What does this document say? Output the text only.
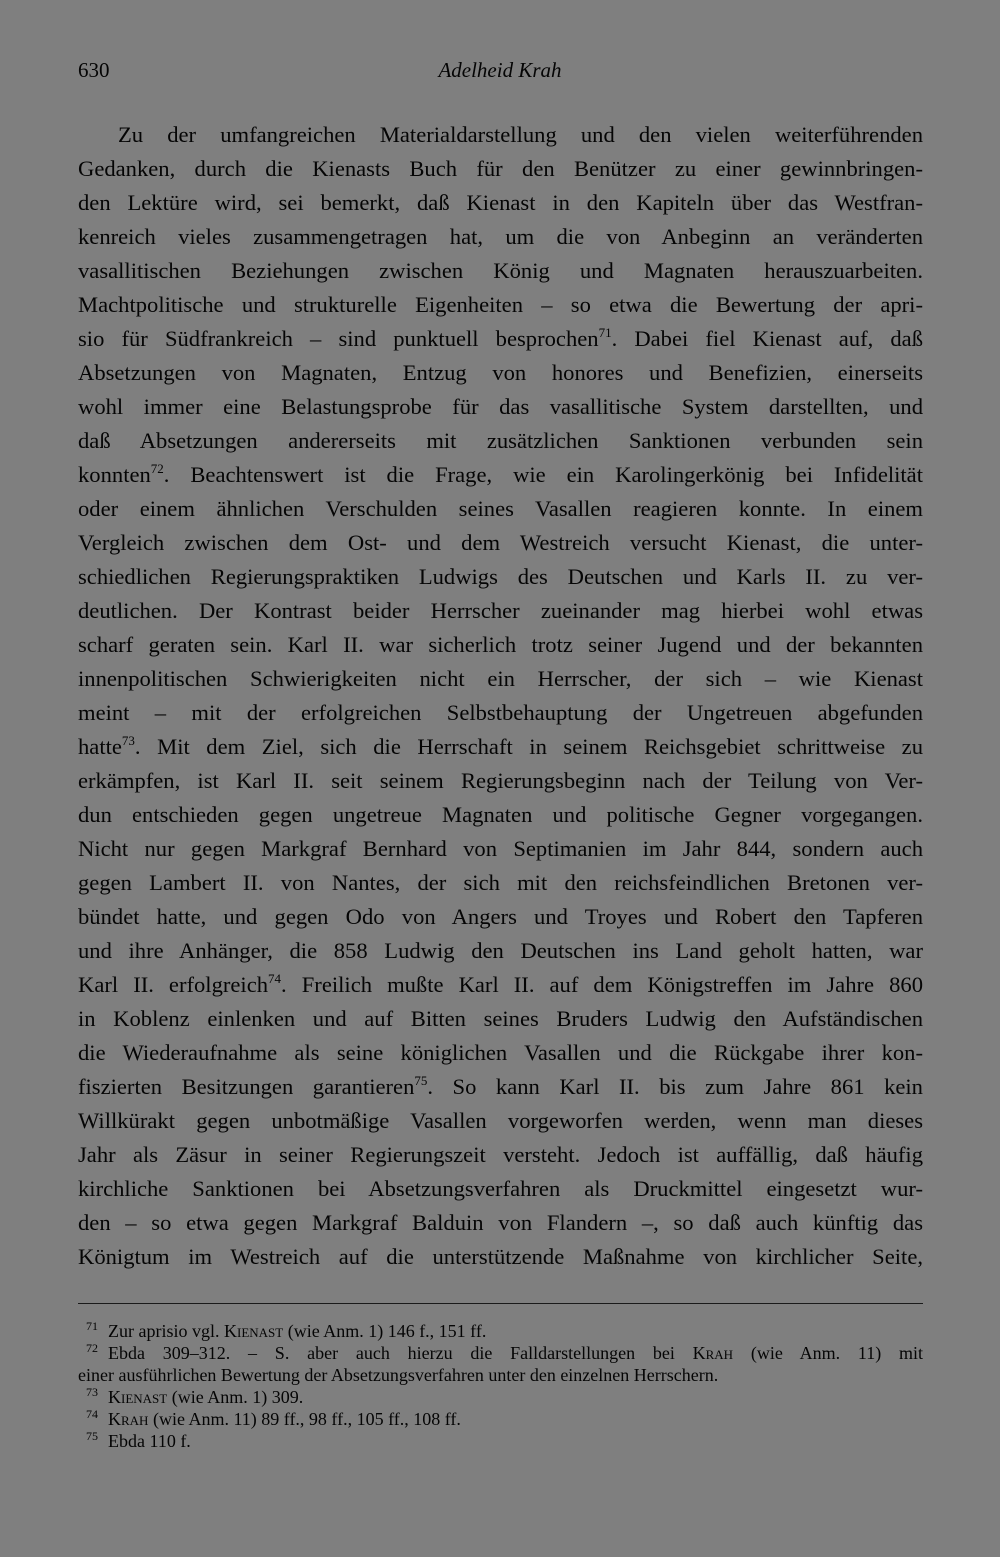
630	Adelheid Krah
Zu der umfangreichen Materialdarstellung und den vielen weiterführenden
Gedanken, durch die Kienasts Buch für den Benützer zu einer gewinnbringen-
den Lektüre wird, sei bemerkt, daß Kienast in den Kapiteln über das Westfran-
kenreich vieles zusammengetragen hat, um die von Anbeginn an veränderten
vasallitischen Beziehungen zwischen König und Magnaten herauszuarbeiten.
Machtpolitische und strukturelle Eigenheiten – so etwa die Bewertung der apri-
sio für Südfrankreich – sind punktuell besprochen$^{71}$. Dabei fiel Kienast auf, daß
Absetzungen von Magnaten, Entzug von honores und Benefizien, einerseits
wohl immer eine Belastungsprobe für das vasallitische System darstellten, und
daß Absetzungen andererseits mit zusätzlichen Sanktionen verbunden sein
konnten$^{72}$. Beachtenswert ist die Frage, wie ein Karolingerkönig bei Infidelität
oder einem ähnlichen Verschulden seines Vasallen reagieren konnte. In einem
Vergleich zwischen dem Ost- und dem Westreich versucht Kienast, die unter-
schiedlichen Regierungspraktiken Ludwigs des Deutschen und Karls II. zu ver-
deutlichen. Der Kontrast beider Herrscher zueinander mag hierbei wohl etwas
scharf geraten sein. Karl II. war sicherlich trotz seiner Jugend und der bekannten
innenpolitischen Schwierigkeiten nicht ein Herrscher, der sich – wie Kienast
meint – mit der erfolgreichen Selbstbehauptung der Ungetreuen abgefunden
hatte$^{73}$. Mit dem Ziel, sich die Herrschaft in seinem Reichsgebiet schrittweise zu
erkämpfen, ist Karl II. seit seinem Regierungsbeginn nach der Teilung von Ver-
dun entschieden gegen ungetreue Magnaten und politische Gegner vorgegangen.
Nicht nur gegen Markgraf Bernhard von Septimanien im Jahr 844, sondern auch
gegen Lambert II. von Nantes, der sich mit den reichsfeindlichen Bretonen ver-
bündet hatte, und gegen Odo von Angers und Troyes und Robert den Tapferen
und ihre Anhänger, die 858 Ludwig den Deutschen ins Land geholt hatten, war
Karl II. erfolgreich$^{74}$. Freilich mußte Karl II. auf dem Königstreffen im Jahre 860
in Koblenz einlenken und auf Bitten seines Bruders Ludwig den Aufständischen
die Wiederaufnahme als seine königlichen Vasallen und die Rückgabe ihrer kon-
fiszierten Besitzungen garantieren$^{75}$. So kann Karl II. bis zum Jahre 861 kein
Willkürakt gegen unbotmäßige Vasallen vorgeworfen werden, wenn man dieses
Jahr als Zäsur in seiner Regierungszeit versteht. Jedoch ist auffällig, daß häufig
kirchliche Sanktionen bei Absetzungsverfahren als Druckmittel eingesetzt wur-
den – so etwa gegen Markgraf Balduin von Flandern –, so daß auch künftig das
Königtum im Westreich auf die unterstützende Maßnahme von kirchlicher Seite,
$^{71}$ Zur aprisio vgl. Kienast (wie Anm. 1) 146 f., 151 ff.
$^{72}$ Ebda 309–312. – S. aber auch hierzu die Falldarstellungen bei Krah (wie Anm. 11) mit
einer ausführlichen Bewertung der Absetzungsverfahren unter den einzelnen Herrschern.
$^{73}$ Kienast (wie Anm. 1) 309.
$^{74}$ Krah (wie Anm. 11) 89 ff., 98 ff., 105 ff., 108 ff.
$^{75}$ Ebda 110 f.
